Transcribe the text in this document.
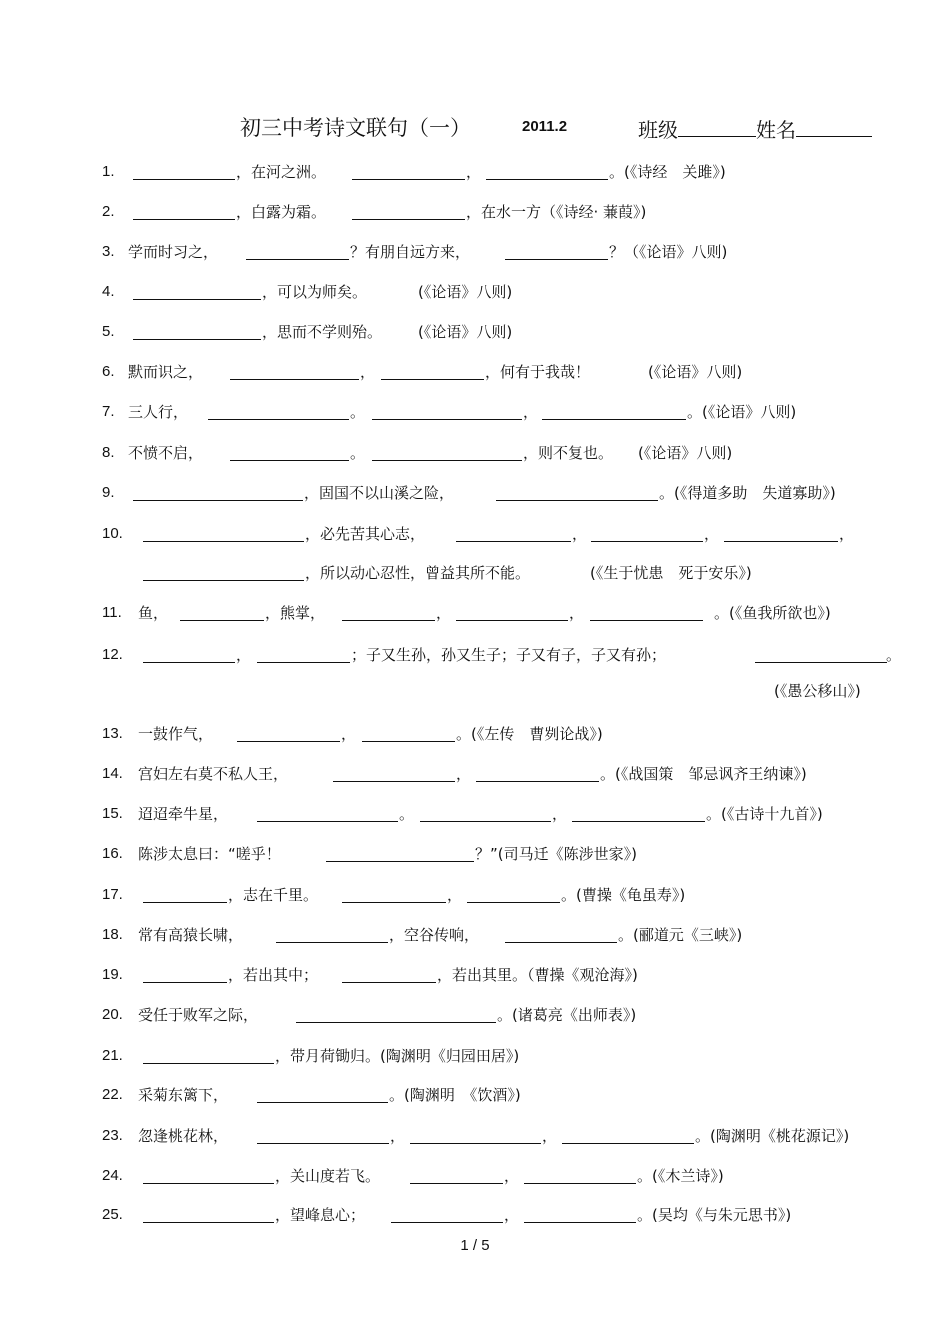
初三中考诗文联句（一）	2011.2	班级	姓名
1.	，在河之洲。	，	。(《诗经　关雎》)
2.	，白露为霜。	，在水一方（《诗经· 蒹葭》)
3. 学而时习之，	？有朋自远方来，	？（《论语》八则)
4.	，可以为师矣。	(《论语》八则)
5.	，思而不学则殆。 (《论语》八则)
6. 默而识之，	，	，何有于我哉！	(《论语》八则)
7. 三人行，	。	，	。(《论语》八则)
8. 不愤不启，	。	，则不复也。 (《论语》八则)
9.	，固国不以山溪之险，	。(《得道多助　失道寡助》)
10.	，必先苦其心志，	，	，	，
，所以动心忍性，曾益其所不能。	(《生于忧患　死于安乐》)
11. 鱼，	，熊掌，	，	，	。(《鱼我所欲也》)
12.	，	；子又生孙，孙又生子；子又有子，子又有孙；	。
(《愚公移山》)
13. 一鼓作气，	，	。(《左传　曹刿论战》)
14. 宫妇左右莫不私人王，	，	。(《战国策　邹忌讽齐王纳谏》)
15. 迢迢牵牛星，	。	，	。(《古诗十九首》)
16. 陈涉太息曰：“嗟乎！	？”(司马迁《陈涉世家》)
17.	，志在千里。	，	。(曹操《龟虽寿》)
18. 常有高猿长啸，	，空谷传响，	。(郦道元《三峡》)
19.	，若出其中；	，若出其里。（曹操《观沧海》)
20. 受任于败军之际，	。(诸葛亮《出师表》)
21.	，带月荷锄归。(陶渊明《归园田居》)
22. 采菊东篱下，	。(陶渊明　《饮酒》)
23. 忽逢桃花林，	，	，	。(陶渊明《桃花源记》)
24.	，关山度若飞。	，	。(《木兰诗》)
25.	，望峰息心；	，	。(吴均《与朱元思书》)
1 / 5
